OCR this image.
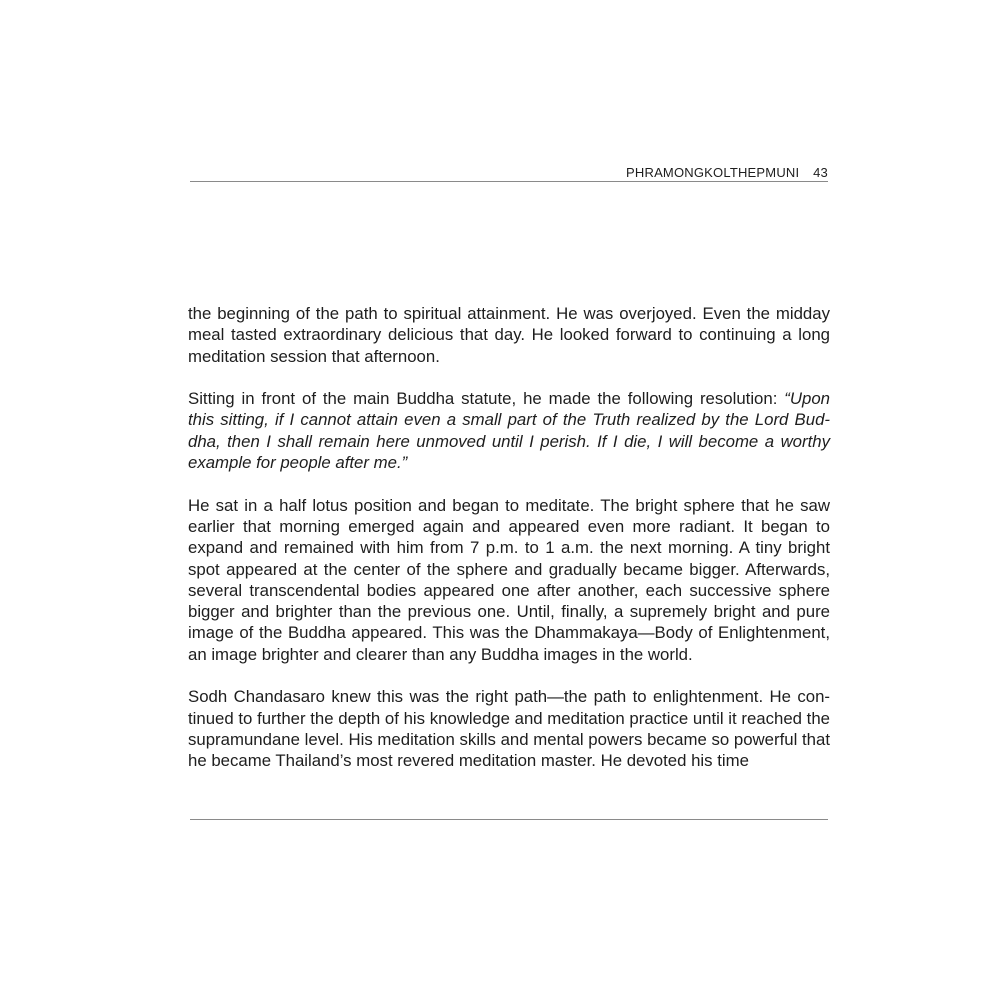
PHRAMONGKOLTHEPMUNI 43

the beginning of the path to spiritual attainment. He was overjoyed. Even the midday meal tasted extraordinary delicious that day. He looked forward to continuing a long meditation session that afternoon.

Sitting in front of the main Buddha statute, he made the following resolution: “Upon this sitting, if I cannot attain even a small part of the Truth realized by the Lord Buddha, then I shall remain here unmoved until I perish. If I die, I will become a worthy example for people after me.”

He sat in a half lotus position and began to meditate. The bright sphere that he saw earlier that morning emerged again and appeared even more radiant. It began to expand and remained with him from 7 p.m. to 1 a.m. the next morning. A tiny bright spot appeared at the center of the sphere and gradually became bigger. Afterwards, several transcendental bodies appeared one after another, each successive sphere bigger and brighter than the previous one. Until, finally, a supremely bright and pure image of the Buddha appeared. This was the Dhammakaya—Body of Enlightenment, an image brighter and clearer than any Buddha images in the world.

Sodh Chandasaro knew this was the right path—the path to enlightenment. He continued to further the depth of his knowledge and meditation practice until it reached the supramundane level. His meditation skills and mental powers became so powerful that he became Thailand’s most revered meditation master. He devoted his time
